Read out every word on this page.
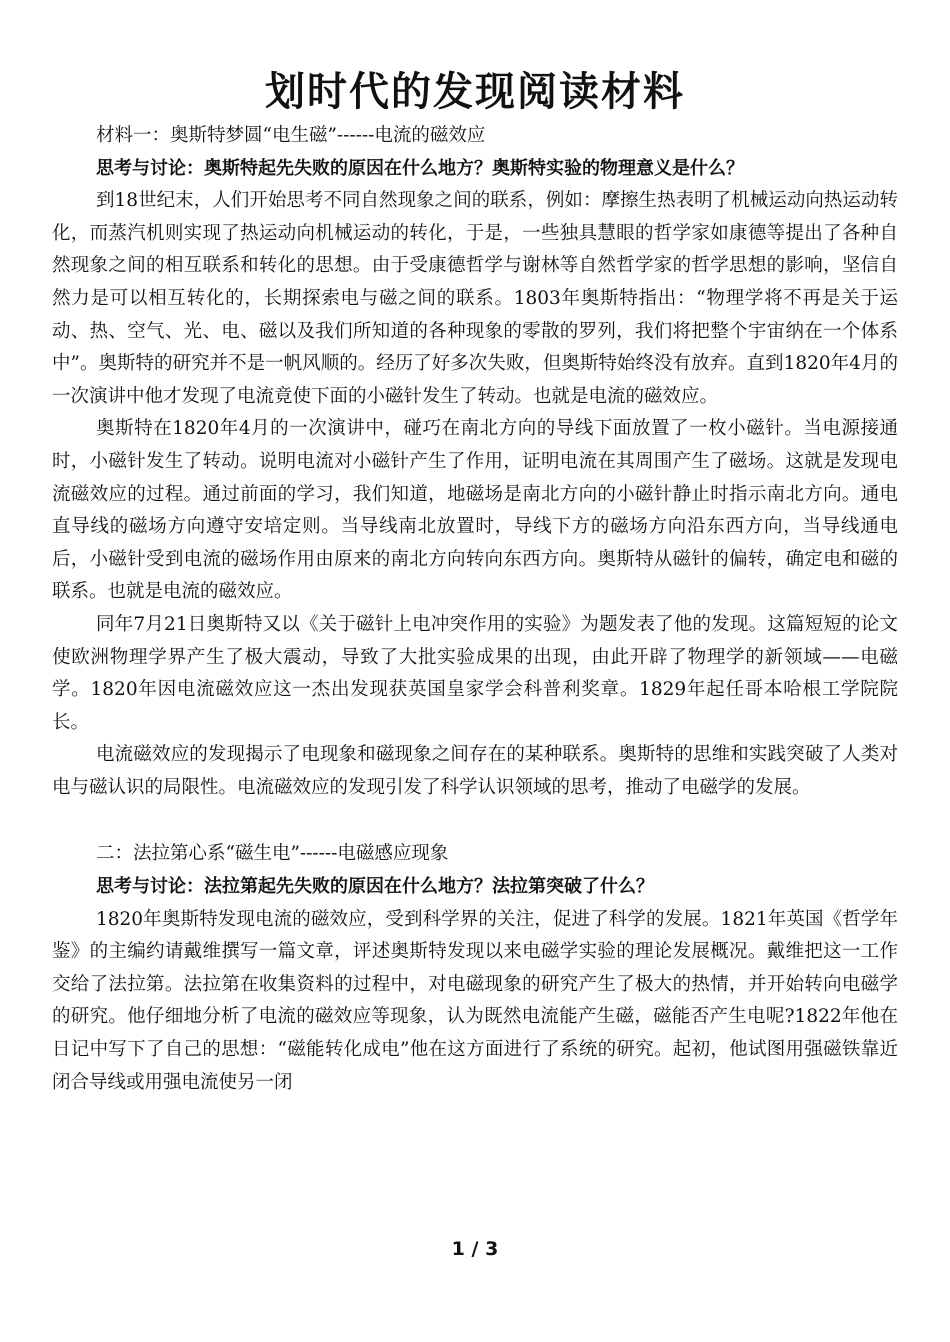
划时代的发现阅读材料

材料一：奥斯特梦圆“电生磁”------电流的磁效应

思考与讨论：奥斯特起先失败的原因在什么地方？奥斯特实验的物理意义是什么？

到18世纪末，人们开始思考不同自然现象之间的联系，例如：摩擦生热表明了机械运动向热运动转化，而蒸汽机则实现了热运动向机械运动的转化，于是，一些独具慧眼的哲学家如康德等提出了各种自然现象之间的相互联系和转化的思想。由于受康德哲学与谢林等自然哲学家的哲学思想的影响，坚信自然力是可以相互转化的，长期探索电与磁之间的联系。1803年奥斯特指出：“物理学将不再是关于运动、热、空气、光、电、磁以及我们所知道的各种现象的零散的罗列，我们将把整个宇宙纳在一个体系中”。奥斯特的研究并不是一帆风顺的。经历了好多次失败，但奥斯特始终没有放弃。直到1820年4月的一次演讲中他才发现了电流竟使下面的小磁针发生了转动。也就是电流的磁效应。

奥斯特在1820年4月的一次演讲中，碰巧在南北方向的导线下面放置了一枚小磁针。当电源接通时，小磁针发生了转动。说明电流对小磁针产生了作用，证明电流在其周围产生了磁场。这就是发现电流磁效应的过程。通过前面的学习，我们知道，地磁场是南北方向的小磁针静止时指示南北方向。通电直导线的磁场方向遵守安培定则。当导线南北放置时，导线下方的磁场方向沿东西方向，当导线通电后，小磁针受到电流的磁场作用由原来的南北方向转向东西方向。奥斯特从磁针的偏转，确定电和磁的联系。也就是电流的磁效应。

同年7月21日奥斯特又以《关于磁针上电冲突作用的实验》为题发表了他的发现。这篇短短的论文使欧洲物理学界产生了极大震动，导致了大批实验成果的出现，由此开辟了物理学的新领域——电磁学。1820年因电流磁效应这一杰出发现获英国皇家学会科普利奖章。1829年起任哥本哈根工学院院长。

电流磁效应的发现揭示了电现象和磁现象之间存在的某种联系。奥斯特的思维和实践突破了人类对电与磁认识的局限性。电流磁效应的发现引发了科学认识领域的思考，推动了电磁学的发展。

二：法拉第心系“磁生电”------电磁感应现象

思考与讨论：法拉第起先失败的原因在什么地方？法拉第突破了什么？

1820年奥斯特发现电流的磁效应，受到科学界的关注，促进了科学的发展。1821年英国《哲学年鉴》的主编约请戴维撰写一篇文章，评述奥斯特发现以来电磁学实验的理论发展概况。戴维把这一工作交给了法拉第。法拉第在收集资料的过程中，对电磁现象的研究产生了极大的热情，并开始转向电磁学的研究。他仔细地分析了电流的磁效应等现象，认为既然电流能产生磁，磁能否产生电呢?1822年他在日记中写下了自己的思想：“磁能转化成电”他在这方面进行了系统的研究。起初，他试图用强磁铁靠近闭合导线或用强电流使另一闭

1 / 3
